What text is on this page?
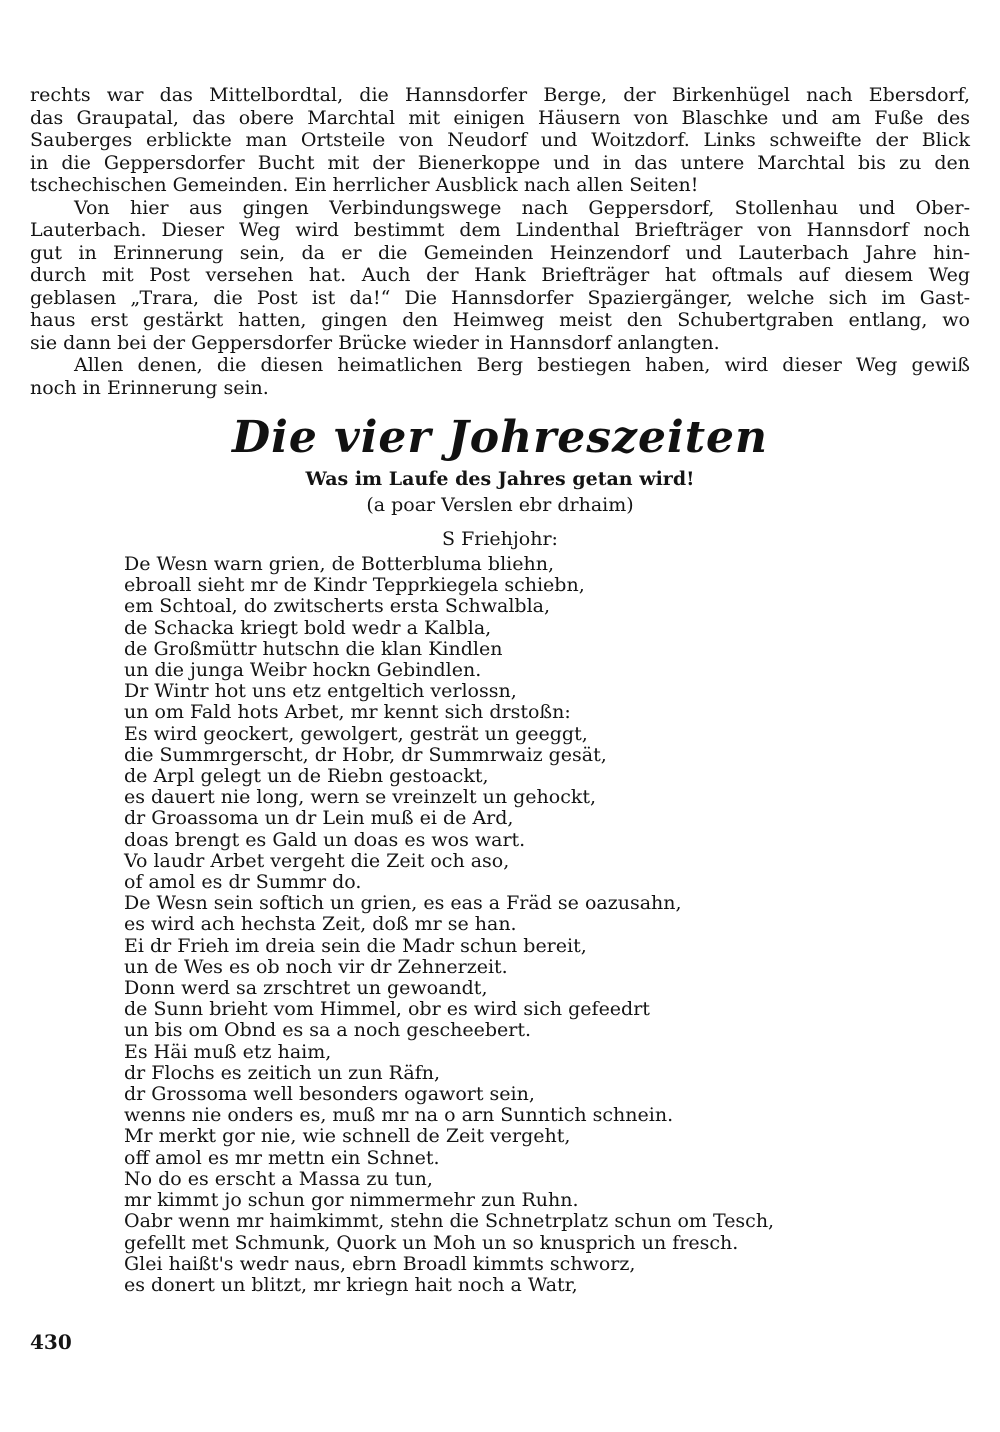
rechts war das Mittelbordtal, die Hannsdorfer Berge, der Birkenhügel nach Ebersdorf,
das Graupatal, das obere Marchtal mit einigen Häusern von Blaschke und am Fuße des
Sauberges erblickte man Ortsteile von Neudorf und Woitzdorf. Links schweifte der Blick
in die Geppersdorfer Bucht mit der Bienerkoppe und in das untere Marchtal bis zu den
tschechischen Gemeinden. Ein herrlicher Ausblick nach allen Seiten!

Von hier aus gingen Verbindungswege nach Geppersdorf, Stollenhau und Ober-
Lauterbach. Dieser Weg wird bestimmt dem Lindenthal Briefträger von Hannsdorf noch
gut in Erinnerung sein, da er die Gemeinden Heinzendorf und Lauterbach Jahre hin-
durch mit Post versehen hat. Auch der Hank Briefträger hat oftmals auf diesem Weg
geblasen „Trara, die Post ist da!“ Die Hannsdorfer Spaziergänger, welche sich im Gast-
haus erst gestärkt hatten, gingen den Heimweg meist den Schubertgraben entlang, wo
sie dann bei der Geppersdorfer Brücke wieder in Hannsdorf anlangten.

Allen denen, die diesen heimatlichen Berg bestiegen haben, wird dieser Weg gewiß
noch in Erinnerung sein.

Die vier Johreszeiten
Was im Laufe des Jahres getan wird!
(a poar Verslen ebr drhaim)
S Friehjohr:
De Wesn warn grien, de Botterbluma bliehn,
ebroall sieht mr de Kindr Tepprkiegela schiebn,
em Schtoal, do zwitscherts ersta Schwalbla,
de Schacka kriegt bold wedr a Kalbla,
de Großmüttr hutschn die klan Kindlen
un die junga Weibr hockn Gebindlen.
Dr Wintr hot uns etz entgeltich verlossn,
un om Fald hots Arbet, mr kennt sich drstoßn:
Es wird geockert, gewolgert, gesträt un geeggt,
die Summrgerscht, dr Hobr, dr Summrwaiz gesät,
de Arpl gelegt un de Riebn gestoackt,
es dauert nie long, wern se vreinzelt un gehockt,
dr Groassoma un dr Lein muß ei de Ard,
doas brengt es Gald un doas es wos wart.
Vo laudr Arbet vergeht die Zeit och aso,
of amol es dr Summr do.
De Wesn sein softich un grien, es eas a Fräd se oazusahn,
es wird ach hechsta Zeit, doß mr se han.
Ei dr Frieh im dreia sein die Madr schun bereit,
un de Wes es ob noch vir dr Zehnerzeit.
Donn werd sa zrschtret un gewoandt,
de Sunn brieht vom Himmel, obr es wird sich gefeedrt
un bis om Obnd es sa a noch gescheebert.
Es Häi muß etz haim,
dr Flochs es zeitich un zun Räfn,
dr Grossoma well besonders ogawort sein,
wenns nie onders es, muß mr na o arn Sunntich schnein.
Mr merkt gor nie, wie schnell de Zeit vergeht,
off amol es mr mettn ein Schnet.
No do es erscht a Massa zu tun,
mr kimmt jo schun gor nimmermehr zun Ruhn.
Oabr wenn mr haimkimmt, stehn die Schnetrplatz schun om Tesch,
gefellt met Schmunk, Quork un Moh un so knusprich un fresch.
Glei haißt's wedr naus, ebrn Broadl kimmts schworz,
es donert un blitzt, mr kriegn hait noch a Watr,
430
